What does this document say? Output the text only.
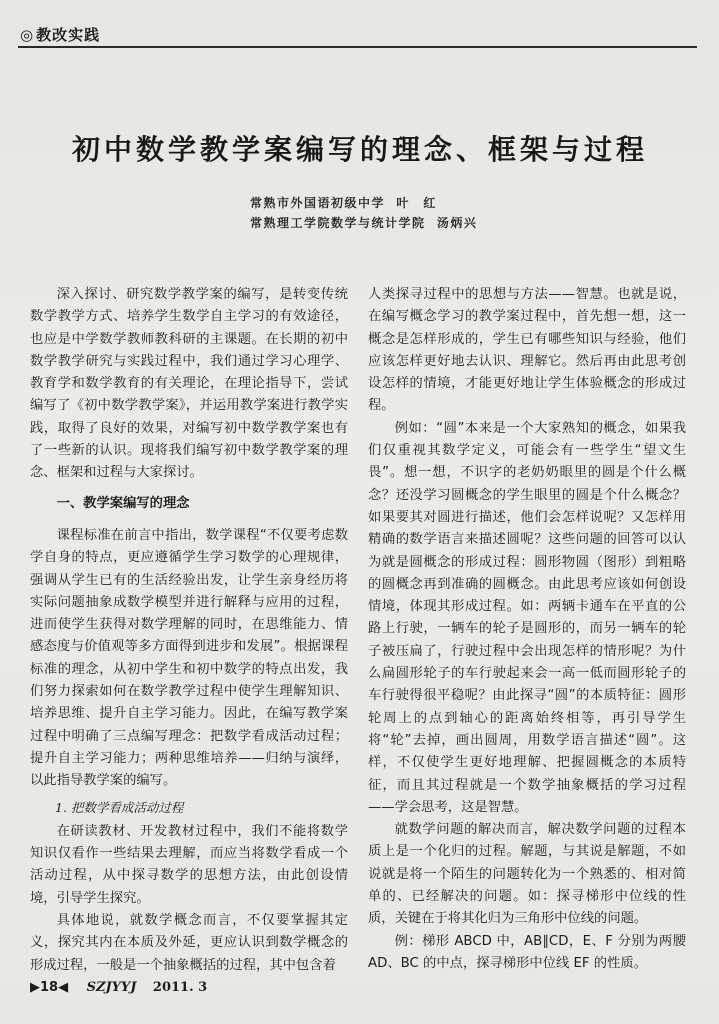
◎ 教改实践
初中数学教学案编写的理念、框架与过程
常熟市外国语初级中学 叶　红
常熟理工学院数学与统计学院 汤炳兴

深入探讨、研究数学教学案的编写，是转变传统数学教学方式、培养学生数学自主学习的有效途径，也应是中学数学教师教科研的主课题。在长期的初中数学教学研究与实践过程中，我们通过学习心理学、教育学和数学教育的有关理论，在理论指导下，尝试编写了《初中数学教学案》，并运用教学案进行教学实践，取得了良好的效果，对编写初中数学教学案也有了一些新的认识。现将我们编写初中数学教学案的理念、框架和过程与大家探讨。

一、教学案编写的理念

课程标准在前言中指出，数学课程“不仅要考虑数学自身的特点，更应遵循学生学习数学的心理规律，强调从学生已有的生活经验出发，让学生亲身经历将实际问题抽象成数学模型并进行解释与应用的过程，进而使学生获得对数学理解的同时，在思维能力、情感态度与价值观等多方面得到进步和发展”。根据课程标准的理念，从初中学生和初中数学的特点出发，我们努力探索如何在数学教学过程中使学生理解知识、培养思维、提升自主学习能力。因此，在编写教学案过程中明确了三点编写理念：把数学看成活动过程；提升自主学习能力；两种思维培养——归纳与演绎，以此指导教学案的编写。

1. 把数学看成活动过程

在研读教材、开发教材过程中，我们不能将数学知识仅看作一些结果去理解，而应当将数学看成一个活动过程，从中探寻数学的思想方法，由此创设情境，引导学生探究。

具体地说，就数学概念而言，不仅要掌握其定义，探究其内在本质及外延，更应认识到数学概念的形成过程，一般是一个抽象概括的过程，其中包含着

人类探寻过程中的思想与方法——智慧。也就是说，在编写概念学习的教学案过程中，首先想一想，这一概念是怎样形成的，学生已有哪些知识与经验，他们应该怎样更好地去认识、理解它。然后再由此思考创设怎样的情境，才能更好地让学生体验概念的形成过程。

例如：“圆”本来是一个大家熟知的概念，如果我们仅重视其数学定义，可能会有一些学生“望文生畏”。想一想，不识字的老奶奶眼里的圆是个什么概念？还没学习圆概念的学生眼里的圆是个什么概念？如果要其对圆进行描述，他们会怎样说呢？又怎样用精确的数学语言来描述圆呢？这些问题的回答可以认为就是圆概念的形成过程：圆形物圆（图形）到粗略的圆概念再到准确的圆概念。由此思考应该如何创设情境，体现其形成过程。如：两辆卡通车在平直的公路上行驶，一辆车的轮子是圆形的，而另一辆车的轮子被压扁了，行驶过程中会出现怎样的情形呢？为什么扁圆形轮子的车行驶起来会一高一低而圆形轮子的车行驶得很平稳呢？由此探寻“圆”的本质特征：圆形轮周上的点到轴心的距离始终相等，再引导学生将“轮”去掉，画出圆周，用数学语言描述“圆”。这样，不仅使学生更好地理解、把握圆概念的本质特征，而且其过程就是一个数学抽象概括的学习过程——学会思考，这是智慧。

就数学问题的解决而言，解决数学问题的过程本质上是一个化归的过程。解题，与其说是解题，不如说就是将一个陌生的问题转化为一个熟悉的、相对简单的、已经解决的问题。如：探寻梯形中位线的性质，关键在于将其化归为三角形中位线的问题。

例：梯形 ABCD 中，AB∥CD，E、F 分别为两腰 AD、BC 的中点，探寻梯形中位线 EF 的性质。

▶18◀ SZJYYJ 2011. 3
